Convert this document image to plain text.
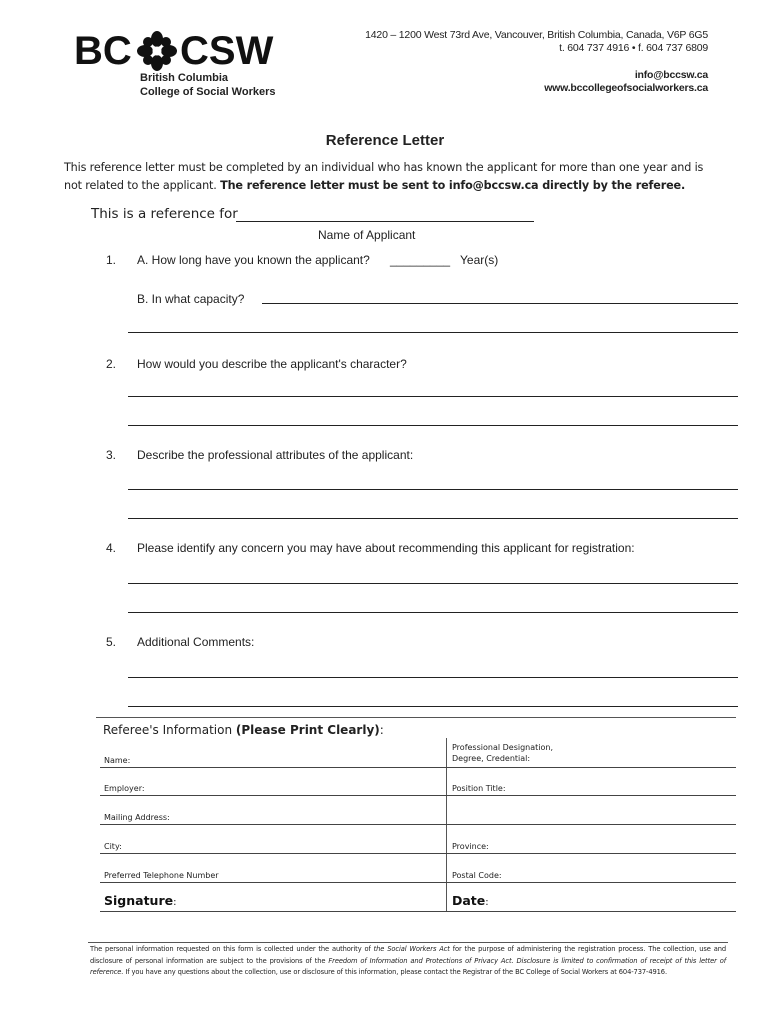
BC CSW
British Columbia
College of Social Workers
1420 – 1200 West 73rd Ave, Vancouver, British Columbia, Canada, V6P 6G5
t. 604 737 4916 • f. 604 737 6809
info@bccsw.ca
www.bccollegeofsocialworkers.ca
Reference Letter
This reference letter must be completed by an individual who has known the applicant for more than one year and is not related to the applicant. The reference letter must be sent to info@bccsw.ca directly by the referee.
This is a reference for
Name of Applicant
1. A. How long have you known the applicant? _________ Year(s)
B. In what capacity?
2. How would you describe the applicant's character?
3. Describe the professional attributes of the applicant:
4. Please identify any concern you may have about recommending this applicant for registration:
5. Additional Comments:
Referee's Information (Please Print Clearly):
Name:
Professional Designation,
Degree, Credential:
Employer:	Position Title:
Mailing Address:
City:	Province:
Preferred Telephone Number	Postal Code:
Signature:	Date:
The personal information requested on this form is collected under the authority of the Social Workers Act for the purpose of administering the registration process. The collection, use and disclosure of personal information are subject to the provisions of the Freedom of Information and Protections of Privacy Act. Disclosure is limited to confirmation of receipt of this letter of reference. If you have any questions about the collection, use or disclosure of this information, please contact the Registrar of the BC College of Social Workers at 604-737-4916.
